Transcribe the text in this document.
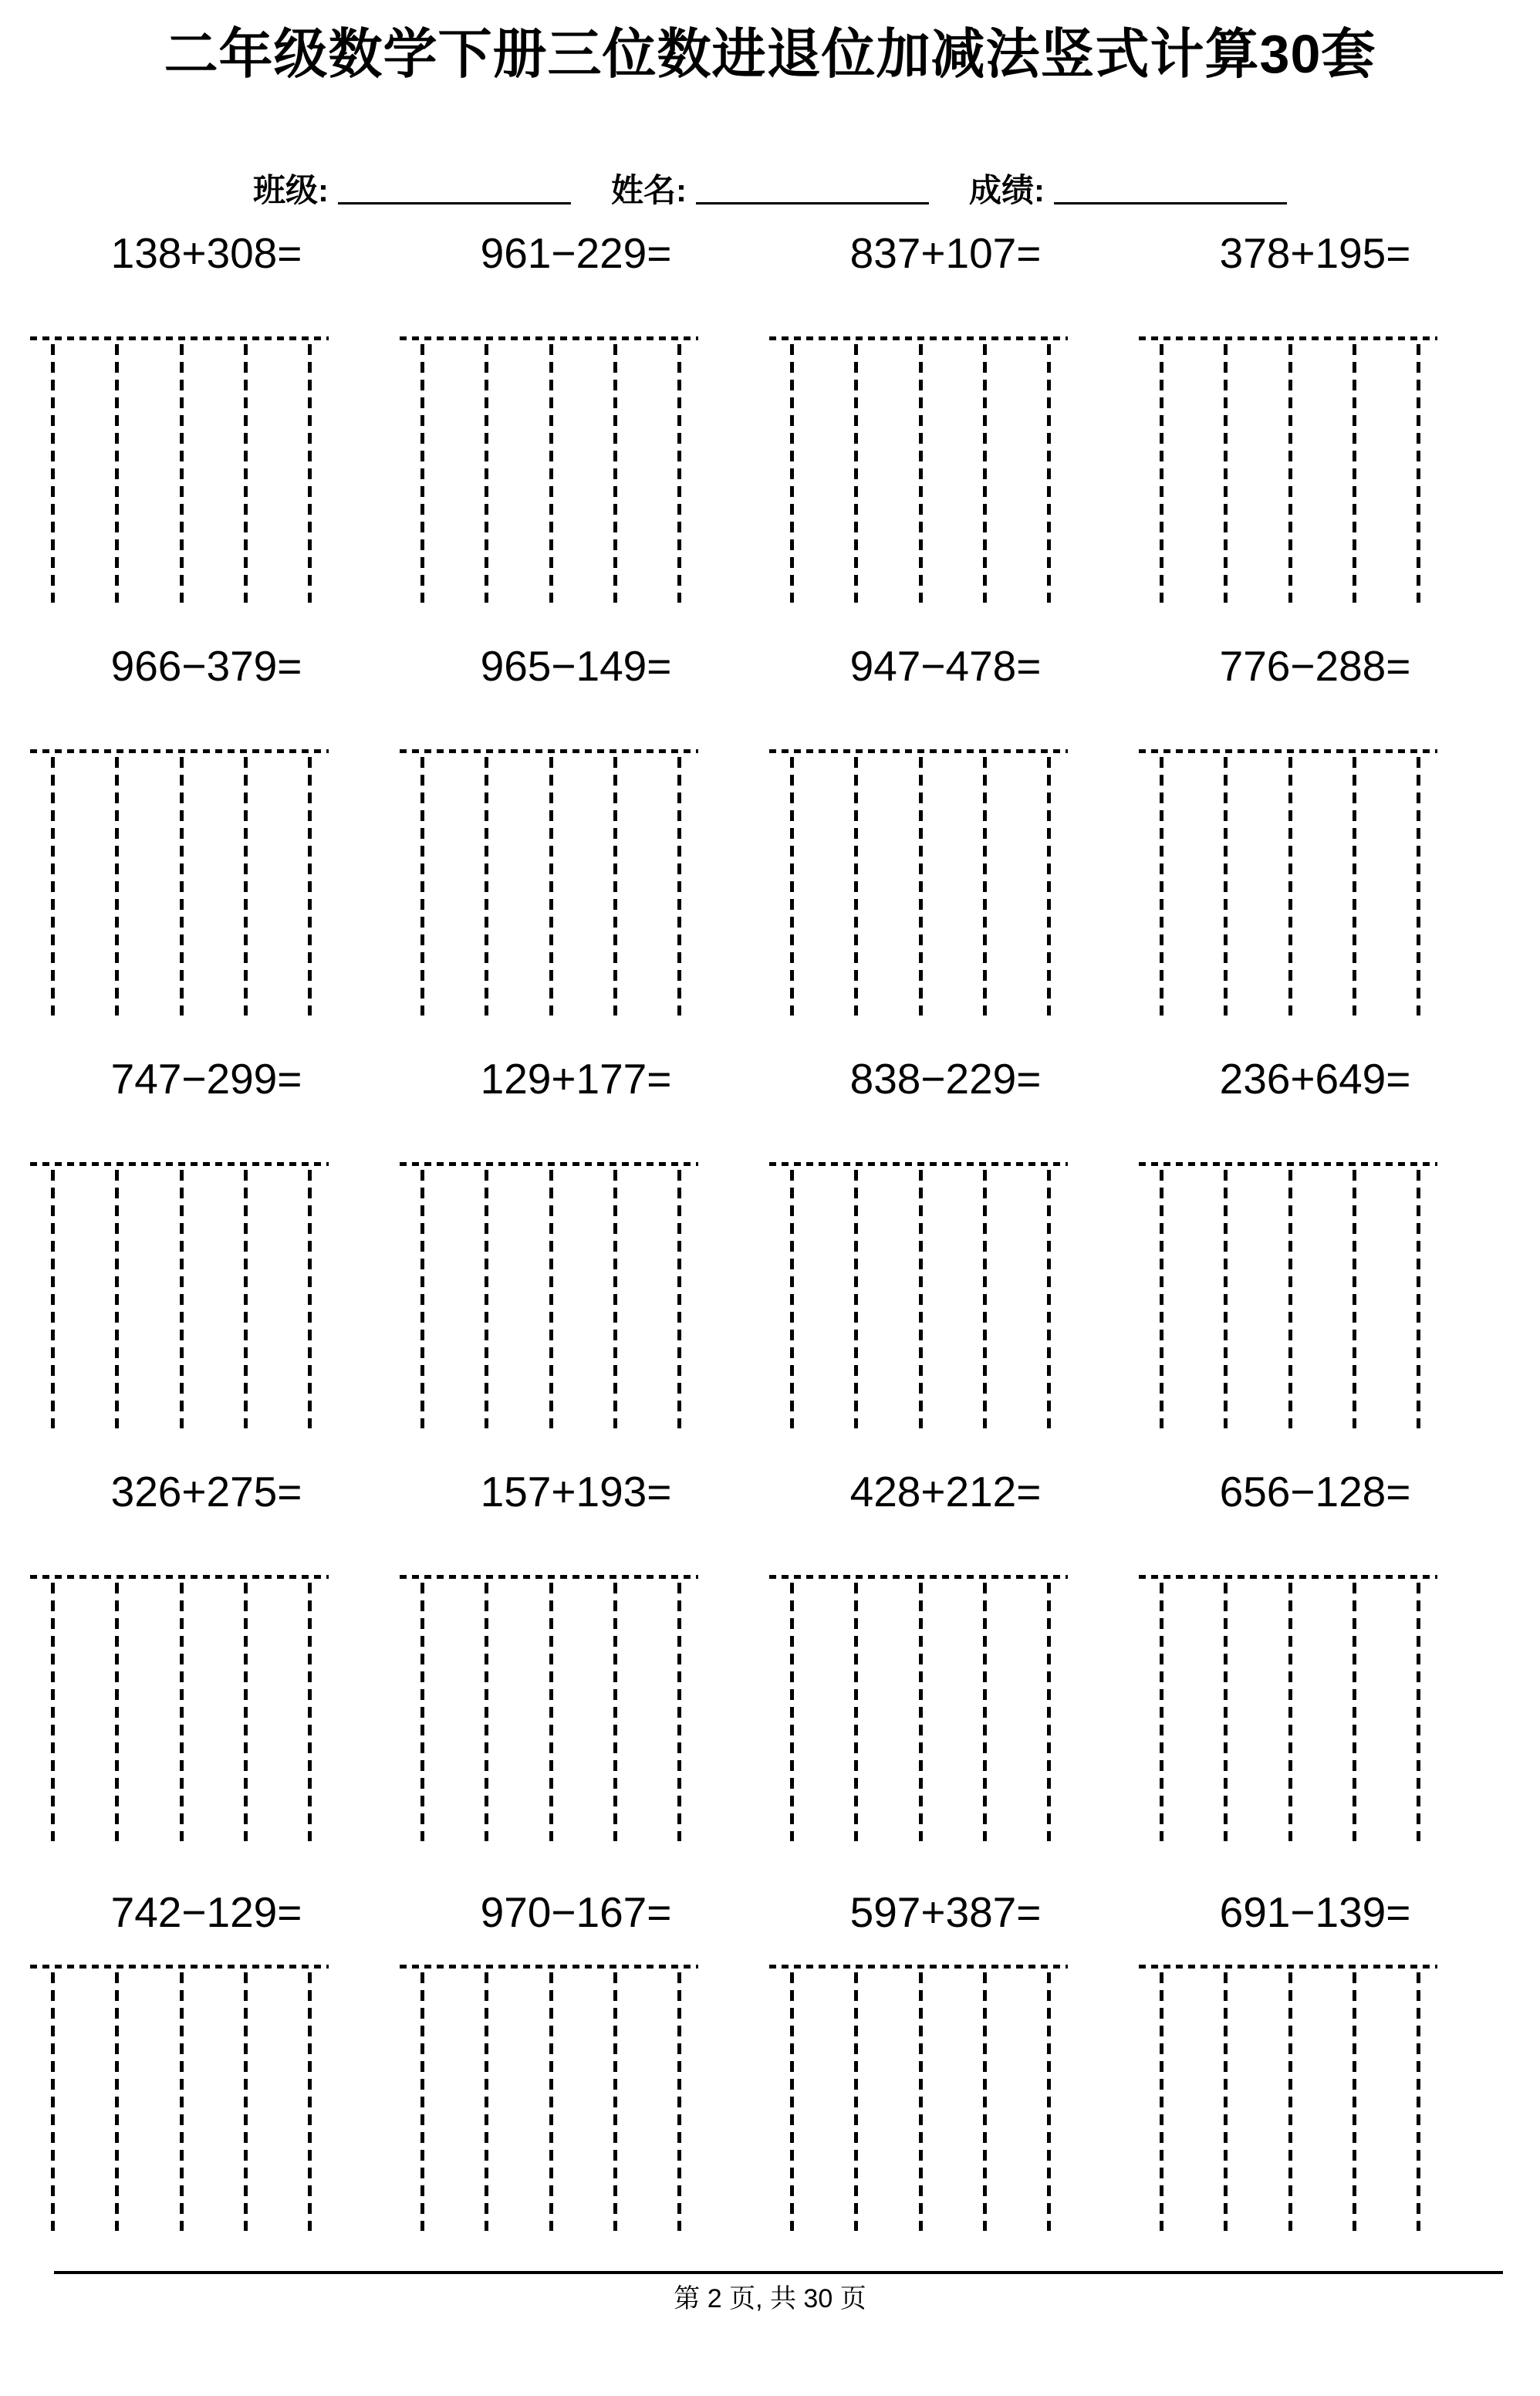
二年级数学下册三位数进退位加减法竖式计算30套
班级:	姓名:	成绩:
138+308=	961−229=	837+107=	378+195=
966−379=	965−149=	947−478=	776−288=
747−299=	129+177=	838−229=	236+649=
326+275=	157+193=	428+212=	656−128=
742−129=	970−167=	597+387=	691−139=
第 2 页, 共 30 页
